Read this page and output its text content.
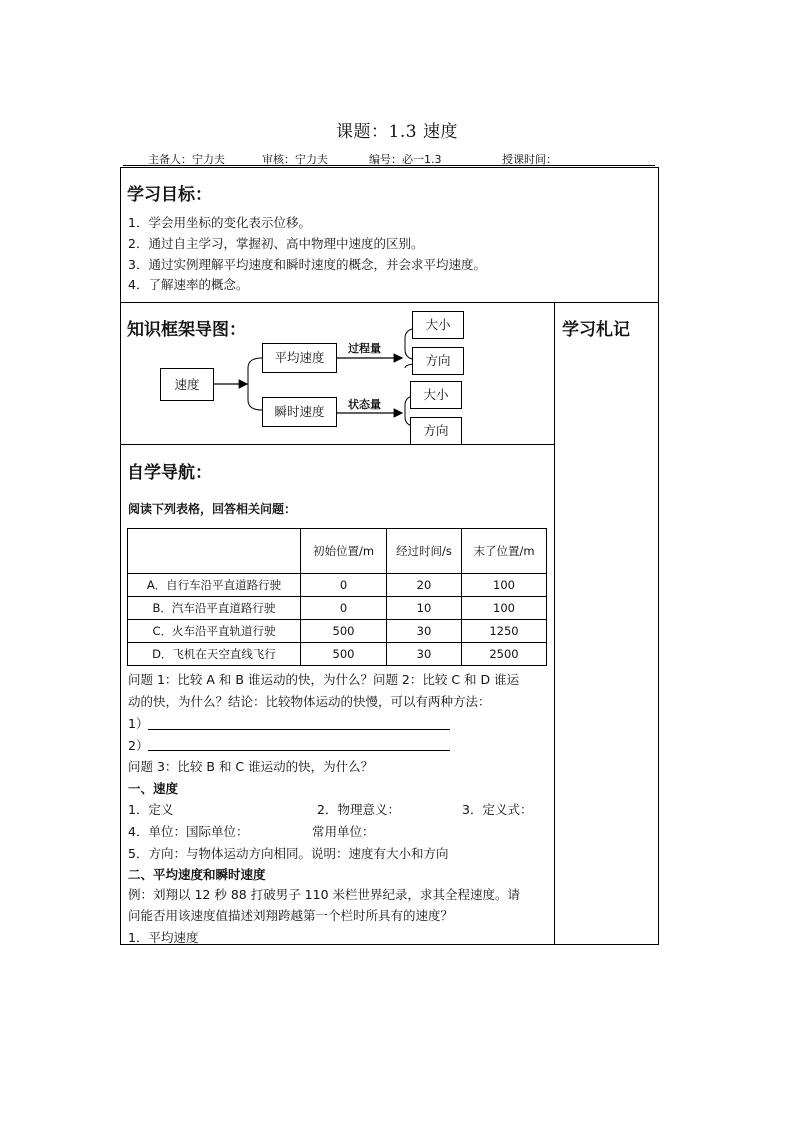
课题：1.3 速度
主备人：宁力夫	审核：宁力夫	编号：必一1.3	授课时间：
学习目标：
1．学会用坐标的变化表示位移。
2．通过自主学习，掌握初、高中物理中速度的区别。
3．通过实例理解平均速度和瞬时速度的概念，并会求平均速度。
4．了解速率的概念。
知识框架导图：	学习札记
速度
平均速度
瞬时速度
过程量
状态量
大小
方向
大小
方向
自学导航：
阅读下列表格，回答相关问题：
	初始位置/m	经过时间/s	末了位置/m
A．自行车沿平直道路行驶	0	20	100
B．汽车沿平直道路行驶	0	10	100
C．火车沿平直轨道行驶	500	30	1250
D．飞机在天空直线飞行	500	30	2500
问题 1：比较 A 和 B 谁运动的快，为什么？问题 2：比较 C 和 D 谁运
动的快，为什么？结论：比较物体运动的快慢，可以有两种方法：
1）
2）
问题 3：比较 B 和 C 谁运动的快，为什么？
一、速度
1．定义	2．物理意义：	3．定义式：
4．单位：国际单位：	常用单位：
5．方向：与物体运动方向相同。说明：速度有大小和方向
二、平均速度和瞬时速度
例：刘翔以 12 秒 88 打破男子 110 米栏世界纪录，求其全程速度。请
问能否用该速度值描述刘翔跨越第一个栏时所具有的速度？
1．平均速度
